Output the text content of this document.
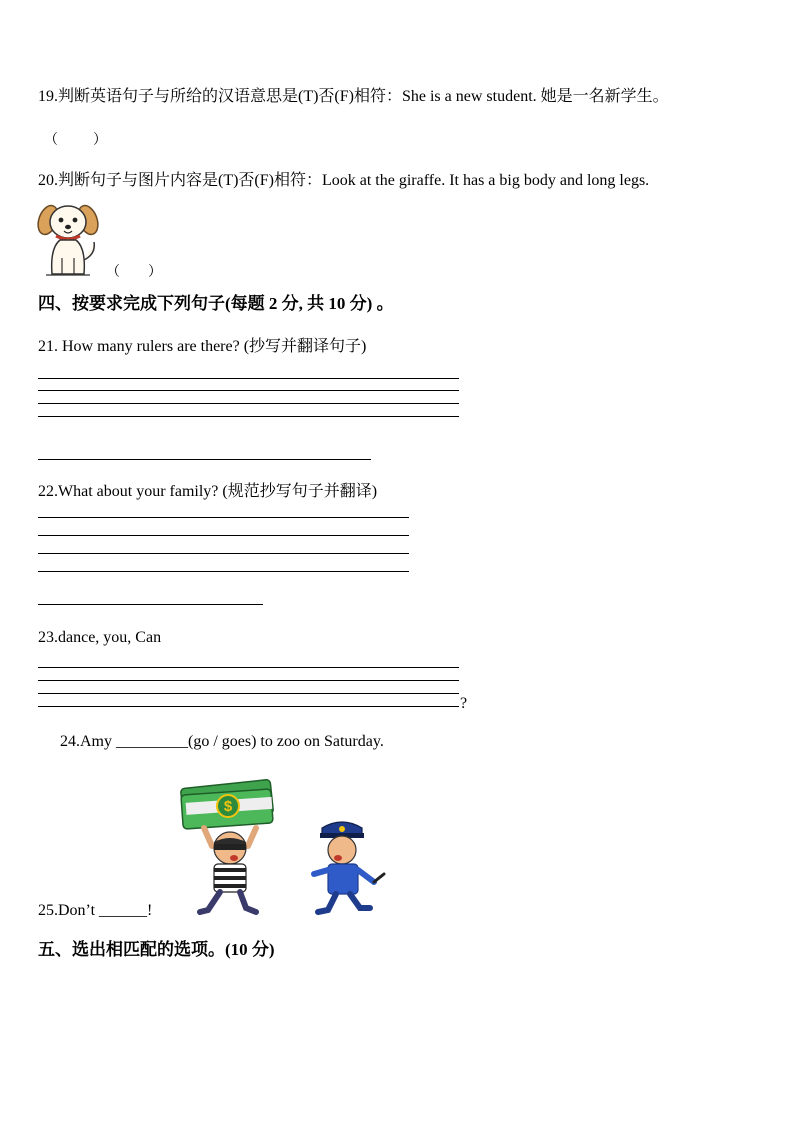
19.判断英语句子与所给的汉语意思是(T)否(F)相符：She is a new student. 她是一名新学生。
（          ）
20.判断句子与图片内容是(T)否(F)相符：Look at the giraffe. It has a big body and long legs.
（        ）
四、按要求完成下列句子(每题 2 分, 共 10 分) 。
21. How many rulers are there? (抄写并翻译句子)
22.What about your family? (规范抄写句子并翻译)
23.dance, you, Can
?
24.Amy _________(go / goes) to zoo on Saturday.
$
25.Don’t ______!
五、选出相匹配的选项。(10 分)
